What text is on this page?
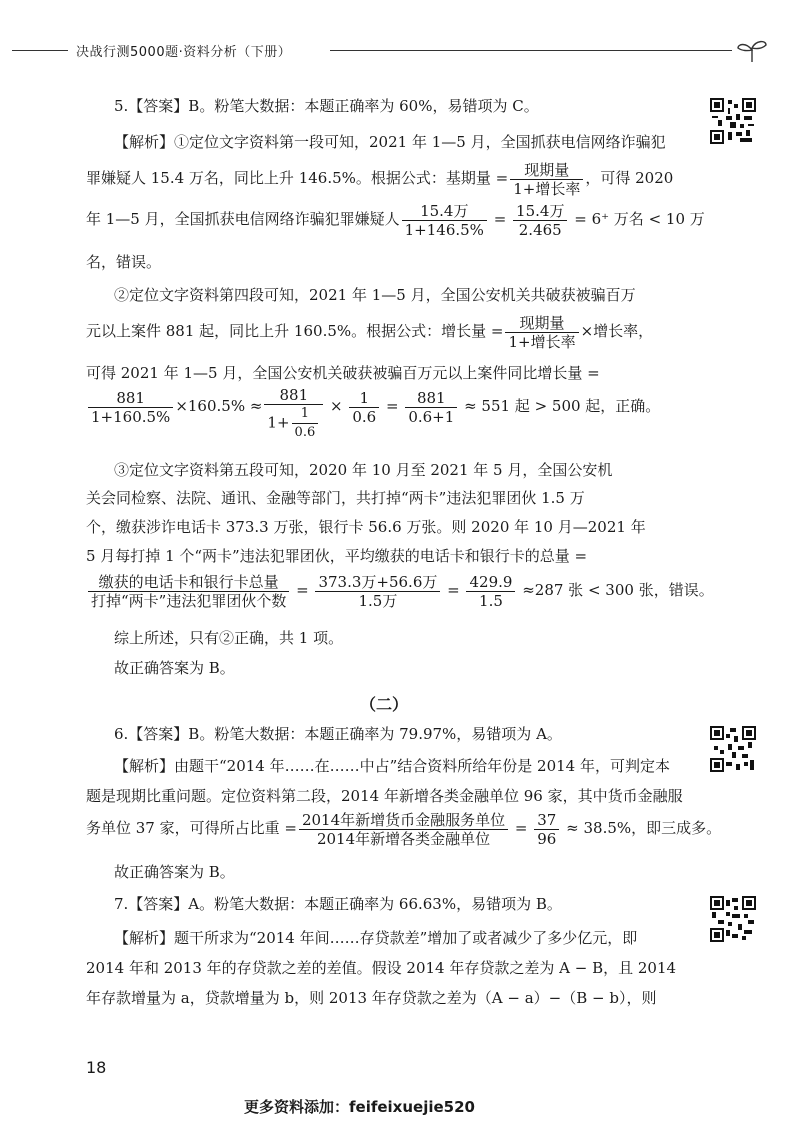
决战行测5000题·资料分析（下册）
5.【答案】B。粉笔大数据：本题正确率为 60%，易错项为 C。
【解析】①定位文字资料第一段可知，2021 年 1—5 月，全国抓获电信网络诈骗犯
罪嫌疑人 15.4 万名，同比上升 146.5%。根据公式：基期量 = $\frac{\text{现期量}}{\text{1+增长率}}$ ，可得 2020
年 1—5 月，全国抓获电信网络诈骗犯罪嫌疑人 $\frac{\text{15.4万}}{1+146.5\%} = \frac{\text{15.4万}}{2.465} = 6^+$ 万名 < 10 万
名，错误。
②定位文字资料第四段可知，2021 年 1—5 月，全国公安机关共破获被骗百万
元以上案件 881 起，同比上升 160.5%。根据公式：增长量 = $\frac{\text{现期量}}{\text{1+增长率}}$ ×增长率，
可得 2021 年 1—5 月，全国公安机关破获被骗百万元以上案件同比增长量 =
$\frac{881}{1+160.5\%} \times 160.5\% \approx \frac{881}{1+ \frac{1}{0.6}} \times \frac{1}{0.6} = \frac{881}{0.6+1} \approx 551$ 起 > 500 起，正确。
③定位文字资料第五段可知，2020 年 10 月至 2021 年 5 月，全国公安机
关会同检察、法院、通讯、金融等部门，共打掉“两卡”违法犯罪团伙 1.5 万
个，缴获涉诈电话卡 373.3 万张，银行卡 56.6 万张。则 2020 年 10 月—2021 年
5 月每打掉 1 个“两卡”违法犯罪团伙，平均缴获的电话卡和银行卡的总量 =
$\frac{\text{缴获的电话卡和银行卡总量}}{\text{打掉“两卡”违法犯罪团伙个数}} = \frac{\text{373.3万+56.6万}}{\text{1.5万}} = \frac{429.9}{1.5} \approx 287$ 张 < 300 张，错误。
综上所述，只有②正确，共 1 项。
故正确答案为 B。
（二）
6.【答案】B。粉笔大数据：本题正确率为 79.97%，易错项为 A。
【解析】由题干“2014 年……在……中占”结合资料所给年份是 2014 年，可判定本
题是现期比重问题。定位资料第二段，2014 年新增各类金融单位 96 家，其中货币金融服
务单位 37 家，可得所占比重 = $\frac{\text{2014年新增货币金融服务单位}}{\text{2014年新增各类金融单位}} = \frac{37}{96} \approx 38.5\%$，即三成多。
故正确答案为 B。
7.【答案】A。粉笔大数据：本题正确率为 66.63%，易错项为 B。
【解析】题干所求为“2014 年间……存贷款差”增加了或者减少了多少亿元，即
2014 年和 2013 年的存贷款之差的差值。假设 2014 年存贷款之差为 A − B，且 2014
年存款增量为 a，贷款增量为 b，则 2013 年存贷款之差为（A − a）−（B − b），则
18
更多资料添加：feifeixuejie520
